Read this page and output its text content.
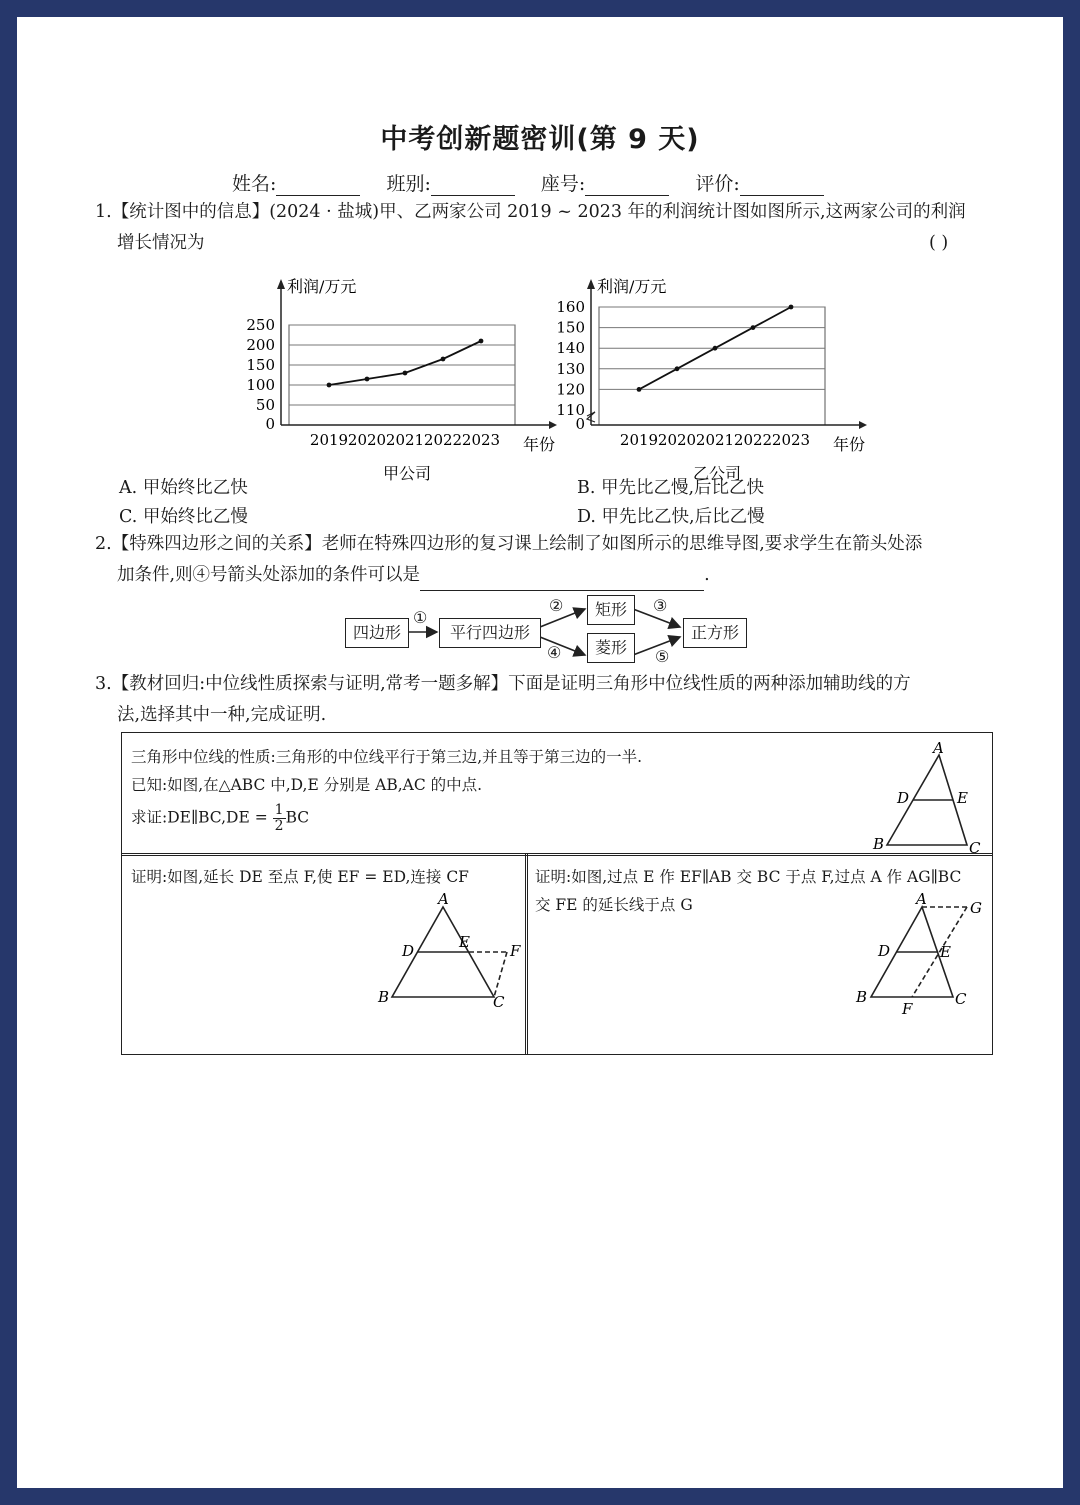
中考创新题密训(第 9 天)
姓名:	班别:	座号:	评价:
1.【统计图中的信息】(2024 · 盐城)甲、乙两家公司 2019 ~ 2023 年的利润统计图如图所示,这两家公司的利润
增长情况为	( )
0
50
100
150
200
250
2019 2020 2021 2022 2023
利润/万元
年份
甲公司
0
110
120
130
140
150
160
2019 2020 2021 2022 2023
利润/万元
年份
乙公司
A. 甲始终比乙快	B. 甲先比乙慢,后比乙快
C. 甲始终比乙慢	D. 甲先比乙快,后比乙慢
2.【特殊四边形之间的关系】老师在特殊四边形的复习课上绘制了如图所示的思维导图,要求学生在箭头处添
加条件,则④号箭头处添加的条件可以是	.
四边形	平行四边形
矩形
菱形
正方形
①
②	③
④	⑤
3.【教材回归:中位线性质探索与证明,常考一题多解】下面是证明三角形中位线性质的两种添加辅助线的方
法,选择其中一种,完成证明.
三角形中位线的性质:三角形的中位线平行于第三边,并且等于第三边的一半.
已知:如图,在△ABC 中,D,E 分别是 AB,AC 的中点.
求证:DE∥BC,DE = $\frac{1}{2}$ BC
证明:如图,延长 DE 至点 F,使 EF = ED,连接 CF	证明:如图,过点 E 作 EF∥AB 交 BC 于点 F,过点 A 作 AG∥BC
交 FE 的延长线于点 G
A
D	E
B	C
A
D	E	F
B	C
A	G
D	E
B	C
F
